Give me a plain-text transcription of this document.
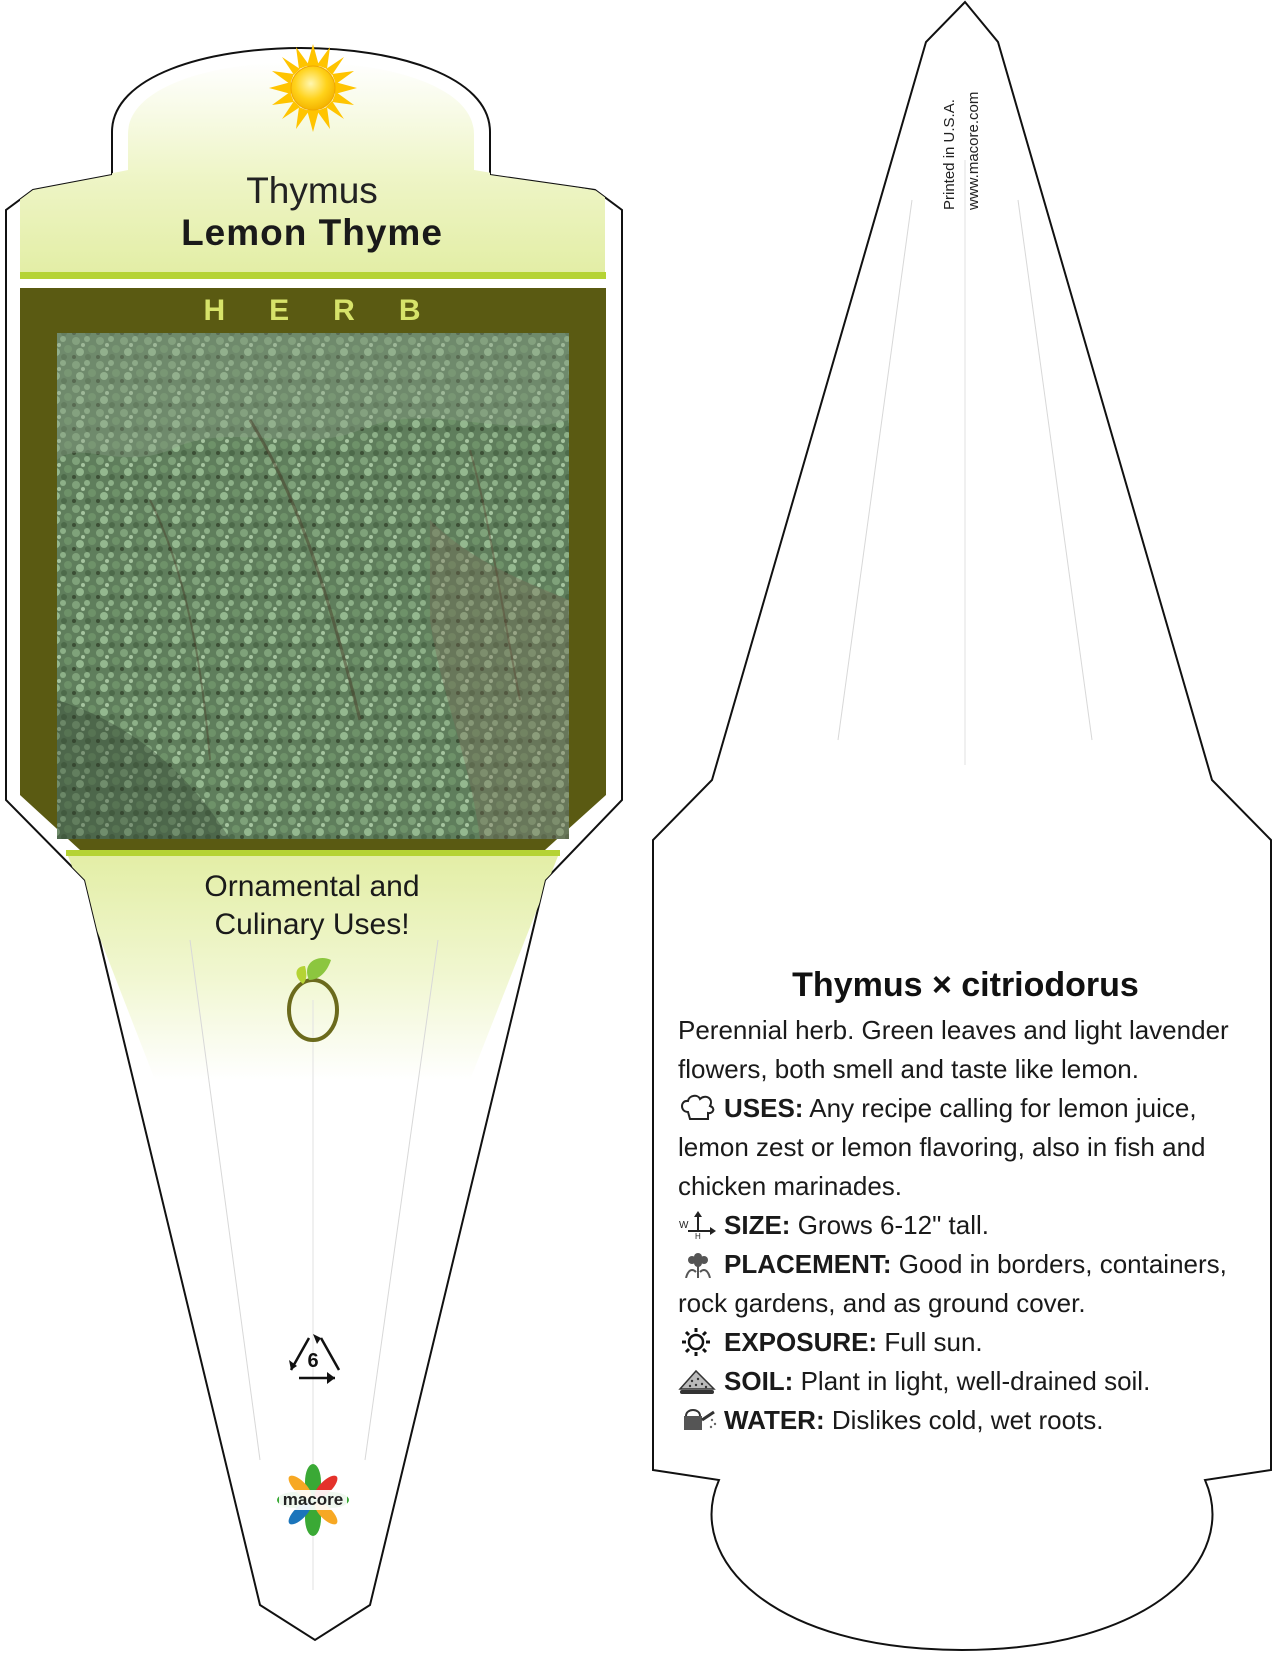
Thymus
Lemon Thyme
HERB
Ornamental and
Culinary Uses!
6
macore
Printed in U.S.A. www.macore.com
Thymus × citriodorus

Perennial herb. Green leaves and light lavender flowers, both smell and taste like lemon.

USES: Any recipe calling for lemon juice, lemon zest or lemon flavoring, also in fish and chicken marinades.

W
H SIZE: Grows 6-12" tall.

PLACEMENT: Good in borders, containers, rock gardens, and as ground cover.

EXPOSURE: Full sun.

SOIL: Plant in light, well-drained soil.

WATER: Dislikes cold, wet roots.
